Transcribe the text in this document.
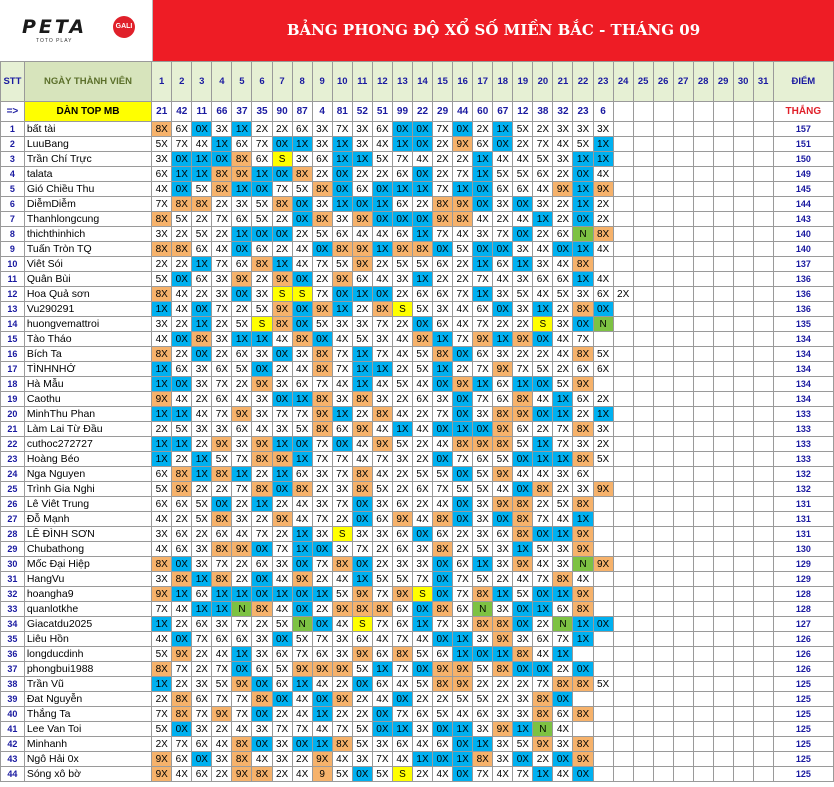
PETA	GALI
TOTO PLAY
BẢNG PHONG ĐỘ XỔ SỐ MIỀN BẮC - THÁNG 09
STT	NGÀY THÀNH VIÊN	1	2	3	4	5	6	7	8	9	10	11	12	13	14	15	16	17	18	19	20	21	22	23	24	25	26	27	28	29	30	31	ĐIỂM
=>	DÀN TOP MB	21	42	11	66	37	35	90	87	4	81	52	51	99	22	29	44	60	67	12	38	32	23	6									THẮNG
1	bất tài	8X	6X	0X	3X	1X	2X	2X	6X	3X	7X	3X	6X	0X	0X	7X	0X	2X	1X	5X	2X	3X	3X	3X									157
2	LuuBang	5X	7X	4X	1X	6X	7X	0X	1X	3X	1X	3X	4X	1X	0X	2X	9X	6X	0X	2X	7X	4X	5X	1X									151
3	Trần Chí Trực	3X	0X	1X	0X	8X	6X	S	3X	6X	1X	1X	5X	7X	4X	2X	2X	1X	4X	4X	5X	3X	1X	1X									150
4	talata	6X	1X	1X	8X	9X	1X	0X	8X	2X	0X	2X	2X	6X	0X	2X	7X	1X	5X	5X	6X	2X	0X	4X									149
5	Gió Chiều Thu	4X	0X	5X	8X	1X	0X	7X	5X	8X	0X	6X	0X	1X	1X	7X	1X	0X	6X	6X	4X	9X	1X	9X									145
6	DiễmDiễm	7X	8X	8X	2X	3X	5X	8X	0X	3X	1X	0X	1X	6X	2X	8X	9X	0X	3X	0X	3X	2X	1X	2X									144
7	Thanhlongcung	8X	5X	2X	7X	6X	5X	2X	0X	8X	3X	9X	0X	0X	0X	9X	8X	4X	2X	4X	1X	2X	0X	2X									143
8	thichthinhich	3X	2X	5X	2X	1X	0X	0X	2X	5X	6X	4X	4X	6X	1X	7X	4X	3X	7X	0X	2X	6X	N	8X									140
9	Tuấn Tròn TQ	8X	8X	6X	4X	0X	6X	2X	4X	0X	8X	9X	1X	9X	8X	0X	5X	0X	0X	3X	4X	0X	1X	4X									140
10	Viêt Sói	2X	2X	1X	7X	6X	8X	1X	4X	7X	5X	9X	2X	5X	5X	6X	2X	1X	6X	1X	3X	4X	8X										137
11	Quân Bùi	5X	0X	6X	3X	9X	2X	9X	0X	2X	9X	6X	4X	3X	1X	2X	2X	7X	4X	3X	6X	6X	1X	4X									136
12	Hoa Quả sơn	8X	4X	2X	3X	0X	3X	S	S	7X	0X	1X	0X	2X	6X	6X	7X	1X	3X	5X	4X	5X	3X	6X	2X								136
13	Vu290291	1X	4X	0X	7X	2X	5X	9X	0X	9X	1X	2X	8X	S	5X	3X	4X	6X	0X	3X	1X	2X	8X	0X									136
14	huongvemattroi	3X	2X	1X	2X	5X	S	8X	0X	5X	3X	3X	7X	2X	0X	6X	4X	7X	2X	2X	S	3X	0X	N									135
15	Tào Tháo	4X	0X	8X	3X	1X	1X	4X	8X	0X	4X	5X	3X	4X	9X	1X	7X	9X	1X	9X	0X	4X	7X										134
16	Bích Ta	8X	2X	0X	2X	6X	3X	0X	3X	8X	7X	1X	7X	4X	5X	8X	0X	6X	3X	2X	2X	4X	8X	5X									134
17	TÌNHNHỚ	1X	6X	3X	6X	5X	0X	2X	4X	8X	7X	1X	1X	2X	5X	1X	2X	7X	9X	7X	5X	2X	6X	6X									134
18	Hà Mẫu	1X	0X	3X	7X	2X	9X	3X	6X	7X	4X	1X	4X	5X	4X	0X	9X	1X	6X	1X	0X	5X	9X										134
19	Caothu	9X	4X	2X	6X	4X	3X	0X	1X	8X	3X	8X	3X	2X	6X	3X	0X	7X	6X	8X	4X	1X	6X	2X									134
20	MinhThu Phan	1X	1X	4X	7X	9X	3X	7X	7X	9X	1X	2X	8X	4X	2X	7X	0X	3X	8X	9X	0X	1X	2X	1X									133
21	Làm Lai Từ Đầu	2X	5X	3X	3X	6X	4X	3X	5X	8X	6X	9X	4X	1X	4X	0X	1X	0X	9X	6X	2X	7X	8X	3X									133
22	cuthoc272727	1X	1X	2X	9X	3X	9X	1X	0X	7X	0X	4X	9X	5X	2X	4X	8X	9X	8X	5X	1X	7X	3X	2X									133
23	Hoàng Béo	1X	2X	1X	5X	7X	8X	9X	1X	7X	7X	4X	7X	3X	2X	0X	7X	6X	5X	0X	1X	1X	8X	5X									133
24	Nga Nguyen	6X	8X	1X	8X	1X	2X	1X	6X	3X	7X	8X	4X	2X	5X	5X	0X	5X	9X	4X	4X	3X	6X										132
25	Trình Gia Nghi	5X	9X	2X	2X	7X	8X	0X	8X	2X	3X	8X	5X	2X	6X	7X	5X	5X	4X	0X	8X	2X	3X	9X									132
26	Lê Viêt Trung	6X	6X	5X	0X	2X	1X	2X	4X	3X	7X	0X	3X	6X	2X	4X	0X	3X	9X	8X	2X	5X	8X										131
27	Đỗ Mạnh	4X	2X	5X	8X	3X	2X	9X	4X	7X	2X	0X	6X	9X	4X	8X	0X	3X	0X	8X	7X	4X	1X										131
28	LÊ ĐÌNH SƠN	3X	6X	2X	6X	4X	7X	2X	1X	3X	S	3X	3X	6X	0X	6X	2X	3X	6X	8X	0X	1X	9X										131
29	Chubathong	4X	6X	3X	8X	9X	0X	7X	1X	0X	3X	7X	2X	6X	3X	8X	2X	5X	3X	1X	5X	3X	9X										130
30	Mốc Đại Hiệp	8X	0X	3X	7X	2X	6X	3X	0X	7X	8X	0X	2X	3X	3X	0X	6X	1X	3X	9X	4X	3X	N	9X									129
31	HangVu	3X	8X	1X	8X	2X	0X	4X	9X	2X	4X	1X	5X	5X	7X	0X	7X	5X	2X	4X	7X	8X	4X										129
32	hoangha9	9X	1X	6X	1X	1X	0X	1X	0X	1X	5X	9X	7X	9X	S	0X	7X	8X	1X	5X	0X	1X	9X										128
33	quanlotkhe	7X	4X	1X	1X	N	8X	4X	0X	2X	9X	8X	8X	6X	0X	8X	6X	N	3X	0X	1X	6X	8X										128
34	Giacatdu2025	1X	2X	6X	3X	7X	2X	5X	N	0X	4X	S	7X	6X	1X	7X	3X	8X	8X	0X	2X	N	1X	0X									127
35	Liêu Hồn	4X	0X	7X	6X	6X	3X	0X	5X	7X	3X	6X	4X	7X	4X	0X	1X	3X	9X	3X	6X	7X	1X										126
36	longducdinh	5X	9X	2X	4X	1X	3X	6X	7X	6X	3X	9X	6X	8X	5X	6X	1X	0X	1X	8X	4X	1X											126
37	phongbui1988	8X	7X	2X	7X	0X	6X	5X	9X	9X	9X	5X	1X	7X	0X	9X	9X	5X	8X	0X	0X	2X	0X										126
38	Trần Vũ	1X	2X	3X	5X	9X	0X	6X	1X	4X	2X	0X	6X	4X	5X	8X	9X	2X	2X	2X	7X	8X	8X	5X									125
39	Đat Nguyễn	2X	8X	6X	7X	7X	8X	0X	4X	0X	9X	2X	4X	0X	2X	2X	5X	5X	2X	3X	8X	0X											125
40	Thắng Ta	7X	8X	7X	9X	7X	0X	2X	4X	1X	2X	2X	0X	7X	6X	5X	4X	6X	3X	3X	8X	6X	8X										125
41	Lee Van Toi	5X	0X	3X	2X	4X	3X	7X	7X	4X	7X	5X	0X	1X	3X	0X	1X	3X	9X	1X	N	4X											125
42	Minhanh	2X	7X	6X	4X	8X	0X	3X	0X	1X	8X	5X	3X	6X	4X	6X	0X	1X	3X	5X	9X	3X	8X										125
43	Ngô Hải 0x	9X	6X	0X	3X	8X	4X	3X	2X	9X	4X	3X	7X	4X	1X	0X	1X	8X	3X	0X	2X	0X	9X										125
44	Sóng xô bờ	9X	4X	6X	2X	9X	8X	2X	4X	9	5X	0X	5X	S	2X	4X	0X	7X	4X	7X	1X	4X	0X										125
